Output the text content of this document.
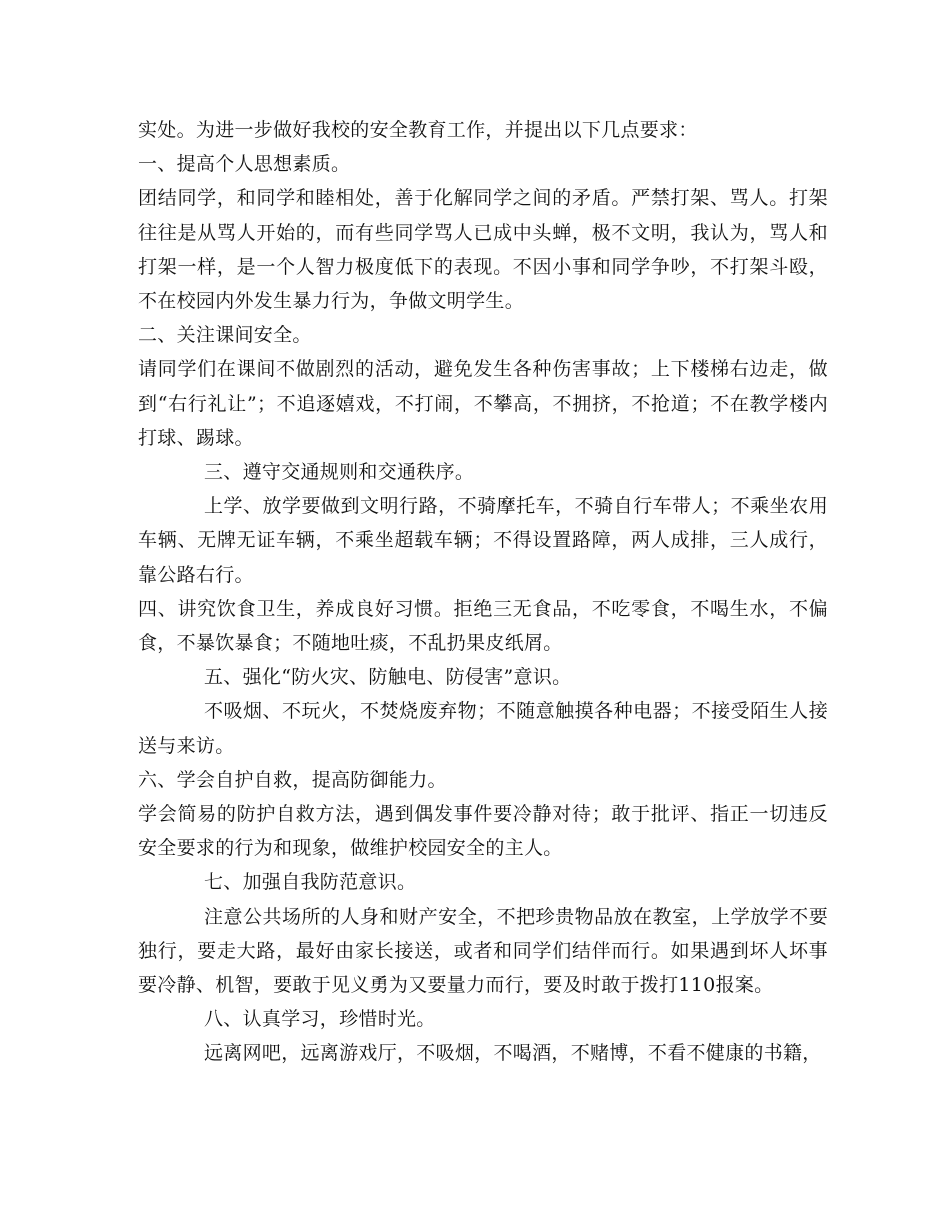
实处。为进一步做好我校的安全教育工作，并提出以下几点要求：

一、提高个人思想素质。

团结同学，和同学和睦相处，善于化解同学之间的矛盾。严禁打架、骂人。打架往往是从骂人开始的，而有些同学骂人已成中头蝉，极不文明，我认为，骂人和打架一样，是一个人智力极度低下的表现。不因小事和同学争吵，不打架斗殴，不在校园内外发生暴力行为，争做文明学生。

二、关注课间安全。

请同学们在课间不做剧烈的活动，避免发生各种伤害事故；上下楼梯右边走，做到“右行礼让”；不追逐嬉戏，不打闹，不攀高，不拥挤，不抢道；不在教学楼内打球、踢球。

三、遵守交通规则和交通秩序。

上学、放学要做到文明行路，不骑摩托车，不骑自行车带人；不乘坐农用车辆、无牌无证车辆，不乘坐超载车辆；不得设置路障，两人成排，三人成行，靠公路右行。

四、讲究饮食卫生，养成良好习惯。拒绝三无食品，不吃零食，不喝生水，不偏食，不暴饮暴食；不随地吐痰，不乱扔果皮纸屑。

五、强化“防火灾、防触电、防侵害”意识。

不吸烟、不玩火，不焚烧废弃物；不随意触摸各种电器；不接受陌生人接送与来访。

六、学会自护自救，提高防御能力。

学会简易的防护自救方法，遇到偶发事件要冷静对待；敢于批评、指正一切违反安全要求的行为和现象，做维护校园安全的主人。

七、加强自我防范意识。

注意公共场所的人身和财产安全，不把珍贵物品放在教室，上学放学不要独行，要走大路，最好由家长接送，或者和同学们结伴而行。如果遇到坏人坏事要冷静、机智，要敢于见义勇为又要量力而行，要及时敢于拨打110报案。

八、认真学习，珍惜时光。

远离网吧，远离游戏厅，不吸烟，不喝酒，不赌博，不看不健康的书籍，
